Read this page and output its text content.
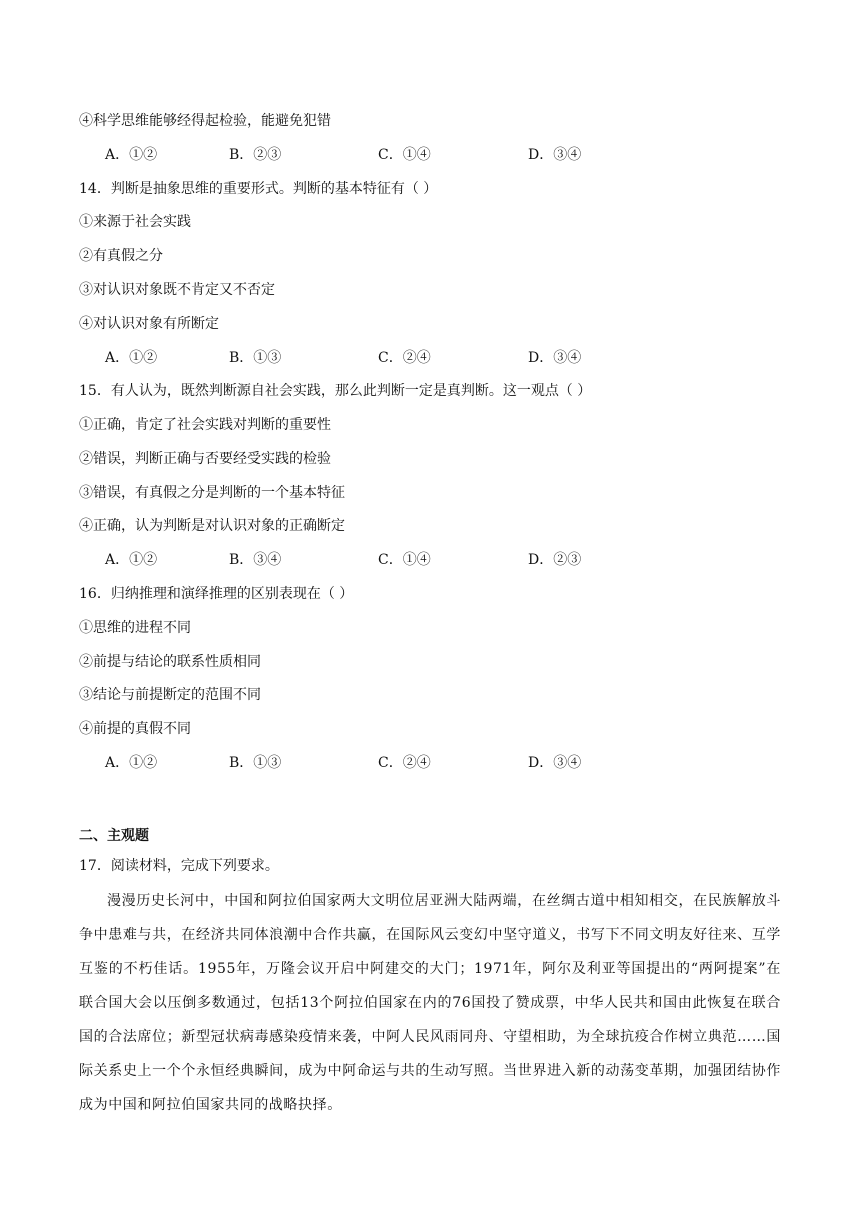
④科学思维能够经得起检验，能避免犯错
A．①②	B．②③	C．①④	D．③④
14．判断是抽象思维的重要形式。判断的基本特征有（ ）
①来源于社会实践
②有真假之分
③对认识对象既不肯定又不否定
④对认识对象有所断定
A．①②	B．①③	C．②④	D．③④
15．有人认为，既然判断源自社会实践，那么此判断一定是真判断。这一观点（ ）
①正确，肯定了社会实践对判断的重要性
②错误，判断正确与否要经受实践的检验
③错误，有真假之分是判断的一个基本特征
④正确，认为判断是对认识对象的正确断定
A．①②	B．③④	C．①④	D．②③
16．归纳推理和演绎推理的区别表现在（ ）
①思维的进程不同
②前提与结论的联系性质相同
③结论与前提断定的范围不同
④前提的真假不同
A．①②	B．①③	C．②④	D．③④
二、主观题
17．阅读材料，完成下列要求。
漫漫历史长河中，中国和阿拉伯国家两大文明位居亚洲大陆两端，在丝绸古道中相知相交，在民族解放斗争中患难与共，在经济共同体浪潮中合作共赢，在国际风云变幻中坚守道义，书写下不同文明友好往来、互学互鉴的不朽佳话。1955年，万隆会议开启中阿建交的大门；1971年，阿尔及利亚等国提出的“两阿提案”在联合国大会以压倒多数通过，包括13个阿拉伯国家在内的76国投了赞成票，中华人民共和国由此恢复在联合国的合法席位；新型冠状病毒感染疫情来袭，中阿人民风雨同舟、守望相助，为全球抗疫合作树立典范……国际关系史上一个个永恒经典瞬间，成为中阿命运与共的生动写照。当世界进入新的动荡变革期，加强团结协作成为中国和阿拉伯国家共同的战略抉择。
